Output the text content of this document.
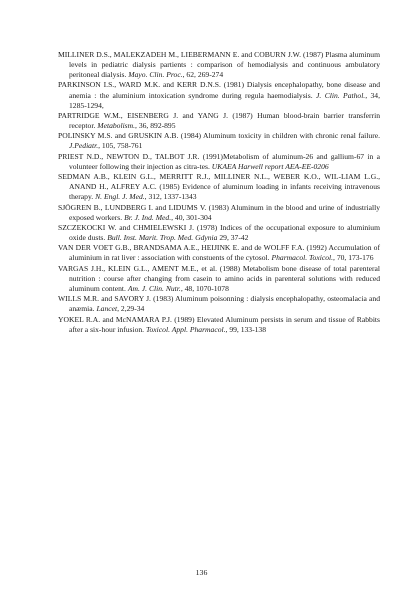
MILLINER D.S., MALEKZADEH M., LIEBERMANN E. and COBURN J.W. (1987) Plasma aluminum levels in pediatric dialysis partients : comparison of hemodialysis and continuous ambulatory peritoneal dialysis. Mayo. Clin. Proc., 62, 269-274

PARKINSON I.S., WARD M.K. and KERR D.N.S. (1981) Dialysis encephalopathy, bone disease and anemia : the aluminium intoxication syndrome during regula haemodialysis. J. Clin. Pathol., 34, 1285-1294,

PARTRIDGE W.M., EISENBERG J. and YANG J. (1987) Human blood-brain barrier transferrin receptor. Metabolism., 36, 892-895

POLINSKY M.S. and GRUSKIN A.B. (1984) Aluminum toxicity in children with chronic renal failure. J.Pediatr., 105, 758-761

PRIEST N.D., NEWTON D., TALBOT J.R. (1991)Metabolism of aluminum-26 and gallium-67 in a volunteer following their injection as citra-tes. UKAEA Harwell report AEA-EE-0206

SEDMAN A.B., KLEIN G.L., MERRITT R.J., MILLINER N.L., WEBER K.O., WIL-LIAM L.G., ANAND H., ALFREY A.C. (1985) Evidence of aluminum loading in infants receiving intravenous therapy. N. Engl. J. Med., 312, 1337-1343

SJÖGREN B., LUNDBERG I. and LIDUMS V. (1983) Aluminum in the blood and urine of industrially exposed workers. Br. J. Ind. Med., 40, 301-304

SZCZEKOCKI W. and CHMIELEWSKI J. (1978) Indices of the occupational exposure to aluminium oxide dusts. Bull. Inst. Marit. Trop. Med. Gdynia 29, 37-42

VAN DER VOET G.B., BRANDSAMA A.E., HEIJINK E. and de WOLFF F.A. (1992) Accumulation of aluminium in rat liver : association with constuents of the cytosol. Pharmacol. Toxicol., 70, 173-176

VARGAS J.H., KLEIN G.L., AMENT M.E., et al. (1988) Metabolism bone disease of total parenteral nutrition : course after changing from casein to amino acids in parenteral solutions with reduced aluminum content. Am. J. Clin. Nutr., 48, 1070-1078

WILLS M.R. and SAVORY J. (1983) Aluminum poisonning : dialysis encephalopathy, osteomalacia and anæmia. Lancet, 2,29-34

YOKEL R.A. and McNAMARA P.J. (1989) Elevated Aluminum persists in serum and tissue of Rabbits after a six-hour infusion. Toxicol. Appl. Pharmacol., 99, 133-138

136
